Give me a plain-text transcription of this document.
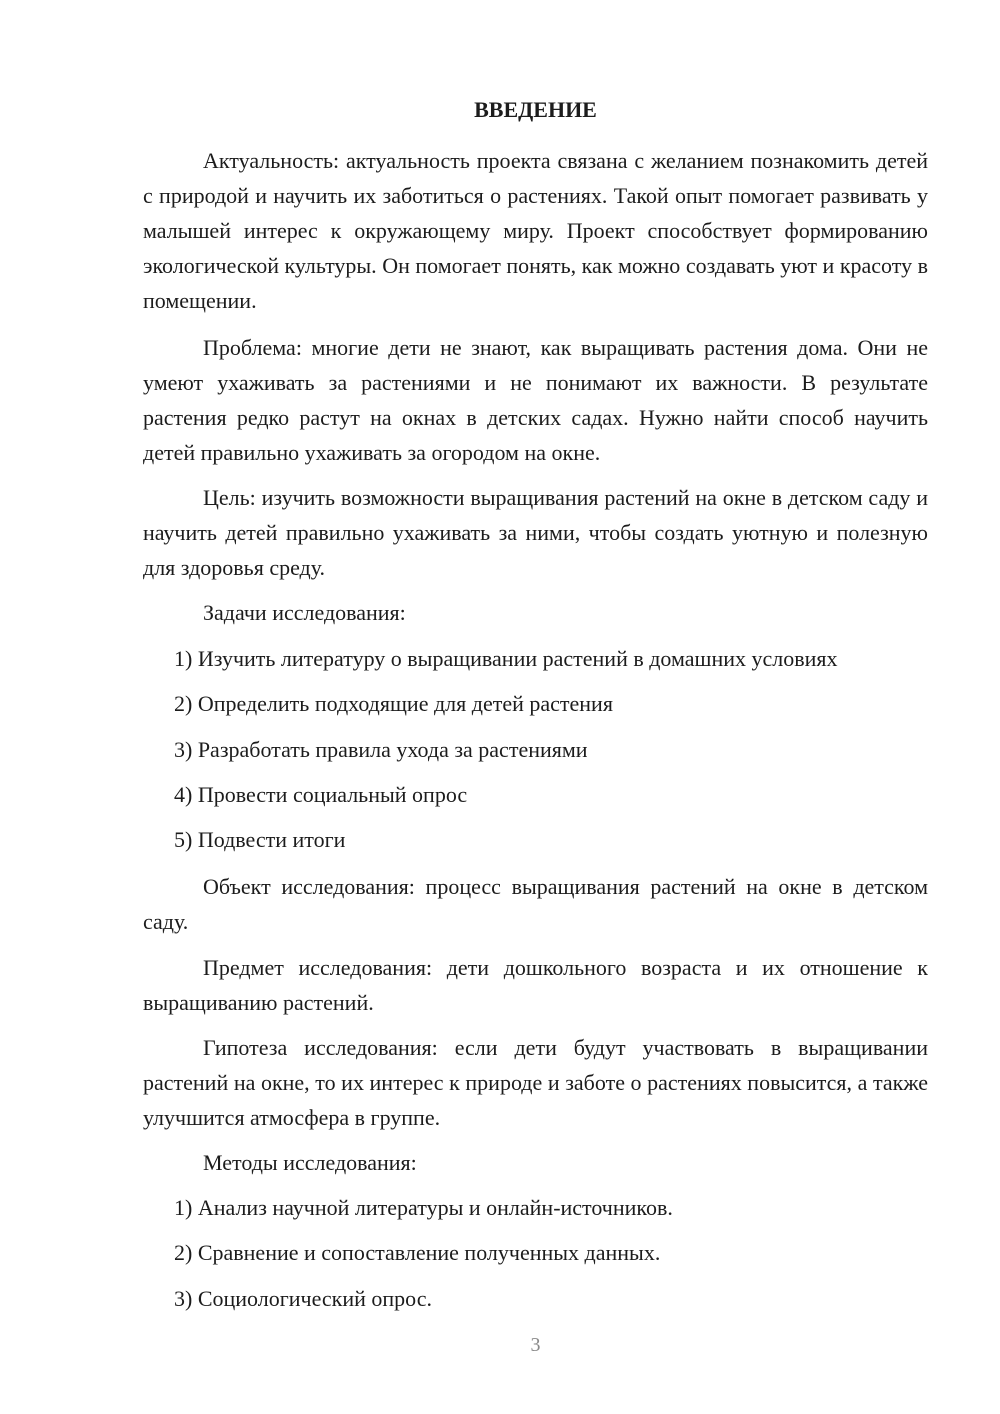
ВВЕДЕНИЕ

Актуальность: актуальность проекта связана с желанием познакомить детей с природой и научить их заботиться о растениях. Такой опыт помогает развивать у малышей интерес к окружающему миру. Проект способствует формированию экологической культуры. Он помогает понять, как можно создавать уют и красоту в помещении.

Проблема: многие дети не знают, как выращивать растения дома. Они не умеют ухаживать за растениями и не понимают их важности. В результате растения редко растут на окнах в детских садах. Нужно найти способ научить детей правильно ухаживать за огородом на окне.

Цель: изучить возможности выращивания растений на окне в детском саду и научить детей правильно ухаживать за ними, чтобы создать уютную и полезную для здоровья среду.

Задачи исследования:

1) Изучить литературу о выращивании растений в домашних условиях

2) Определить подходящие для детей растения

3) Разработать правила ухода за растениями

4) Провести социальный опрос

5) Подвести итоги

Объект исследования: процесс выращивания растений на окне в детском саду.

Предмет исследования: дети дошкольного возраста и их отношение к выращиванию растений.

Гипотеза исследования: если дети будут участвовать в выращивании растений на окне, то их интерес к природе и заботе о растениях повысится, а также улучшится атмосфера в группе.

Методы исследования:

1) Анализ научной литературы и онлайн-источников.

2) Сравнение и сопоставление полученных данных.

3) Социологический опрос.

3
